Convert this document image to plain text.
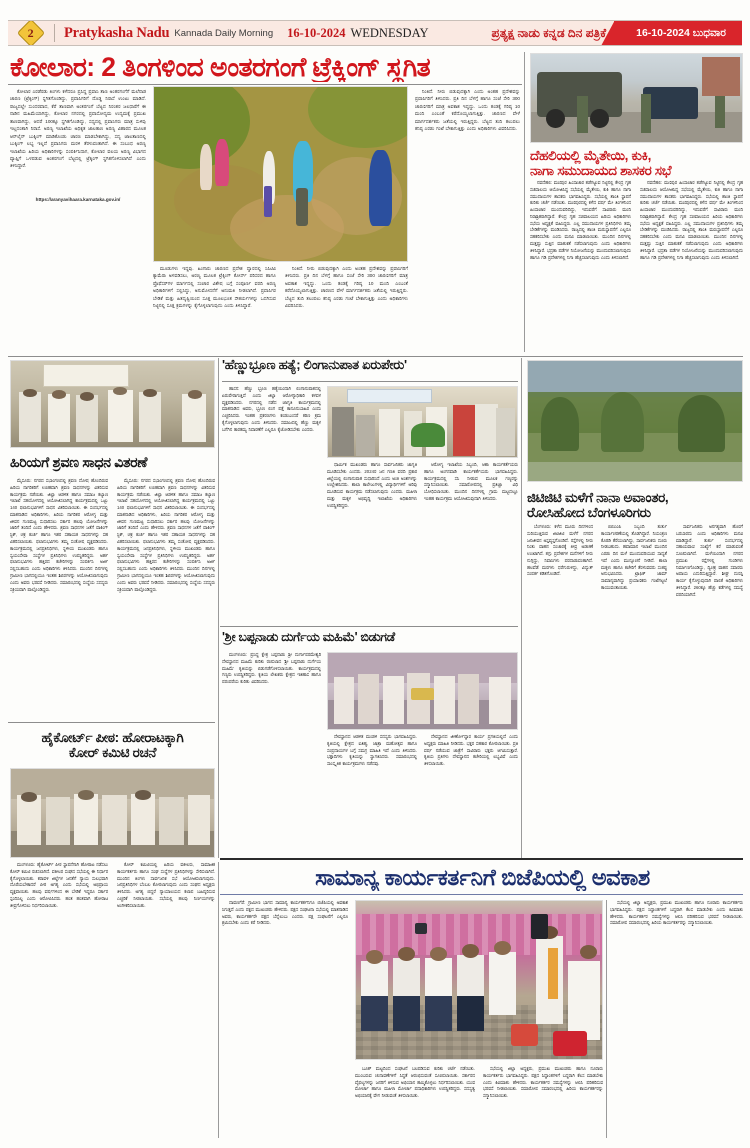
2 Pratykasha Nadu Kannada Daily Morning 16-10-2024 WEDNESDAY	ಪ್ರತ್ಯಕ್ಷ ನಾಡು ಕನ್ನಡ ದಿನ ಪತ್ರಿಕೆ	16-10-2024 ಬುಧವಾರ
ಕೋಲಾರ: 2 ತಿಂಗಳಿಂದ ಅಂತರಗಂಗೆ ಟ್ರೆಕ್ಕಿಂಗ್ ಸ್ಥಗಿತ

ಕೋಲಾರ ಎರಡೆರಡು ತಿಂಗಳು ಕಳೆದರೂ ಪ್ರಸಿದ್ಧ ಪ್ರವಾಸಿ ತಾಣ ಅಂತರಗಂಗೆಗೆ ಮಲೆನಾಡ ಚಾರಣ (ಟ್ರೆಕ್ಕಿಂಗ್) ಸ್ಥಗಿತಗೊಂಡಿದ್ದು, ಪ್ರವಾಸಿಗರಿಗೆ ದೊಡ್ಡ ನಿರಾಸೆ ಉಂಟು ಮಾಡಿದೆ. ರಾಜ್ಯದಲ್ಲೇ ಸುಂದರವಾದ, ಕೆರೆ ತಾಣವಾಗಿ ಅಂತರಗಂಗೆ ಬೆಟ್ಟದ ನಿರಂತರ ಜಲಧಾರೆಗೆ ಈ ನಾಡಿನ ಮಹಿಮೆಯಾಗಿದ್ದು, ಕೋಲಾರ ನಗರದಲ್ಲಿ ಪ್ರವಾಸೋದ್ಯಮ ಉದ್ಯಮಕ್ಕೆ ಪ್ರಮುಖ ತಾಣವಾಗಿದ್ದು, ಆದರೆ 100ಕ್ಕೂ ಸ್ಥಗಿತಗೊಂಡಿದ್ದು, ಸಧ್ಯದಲ್ಲಿ ಪ್ರವಾಸಿಗರು ಮಾತ್ರ ಸುಳಿವು ಇಲ್ಲದಂತಾಗಿ ನಿರಾಸೆ. ಅರಣ್ಯ ಇಲಾಖೆಯ ಅಧಿಕೃತ ಜಾಲತಾಣ ಅರಣ್ಯ ವಿಹಾರದ ಮೂಲಕ ಆನ್‌ಲೈನ್ ಬುಕ್ಕಿಂಗ್ ಮಾಡಿಕೊಂಡು ಚಾರಣ ಮಾಡಬೇಕಾಗಿದ್ದು, ಸದ್ಯ ಜಾಲತಾಣದಲ್ಲಿ ಬುಕ್ಕಿಂಗ್ ಲಭ್ಯ ಇಲ್ಲದೆ ಪ್ರವಾಸಿಗರು ಮರಳಿ ತೆರಳುವಂತಾಗಿದೆ. ಈ ಸಂಬಂಧ ಅರಣ್ಯ ಇಲಾಖೆಯ ಹಿರಿಯ ಅಧಿಕಾರಿಗಳನ್ನು ಸಂಪರ್ಕಿಸಿದಾಗ, ಕೋಲಾರ ವಲಯ ಅರಣ್ಯ ವಿಭಾಗದ ವ್ಯಾಪ್ತಿಗೆ ಒಳಪಡುವ ಅಂತರಗಂಗೆ ಬೆಟ್ಟದಲ್ಲಿ ಟ್ರೆಕ್ಕಿಂಗ್ ಸ್ಥಗಿತಗೊಳಿಸಲಾಗಿದೆ ಎಂದು ತಿಳಿಸಿದ್ದಾರೆ.

https://aranyavihaara.karnataka.gov.in/

ಮೂಡುಗಳು ಇದ್ದವು. ಹಿಂಗಾರು ಚಾರಣದ ಪ್ರದೇಶ ದ್ವಾರದಲ್ಲಿ ಸಿಸಿಟಿವಿ ಕ್ಯಾಮೆರಾ ಅಳವಡಿಸಲು, ಅರಣ್ಯ ಮೂಲಕ ಟ್ರೆಕ್ಕಿಂಗ್ ಕೋರ್ಸ್ ಪರಿಸರದ ಹಾಗೂ ಪ್ರೊಫೆಸರ್‌ಗಳ ಮಾರ್ಗದಲ್ಲಿ ಸಂಚಾರ ವಿಶೇಷ ಬಗ್ಗೆ ಸಂಪೂರ್ಣ ವರದಿ ಅರಣ್ಯ ಅಧಿಕಾರಿಗಳಿಗೆ ಸಲ್ಲಿಸಿದ್ದು, ಅನುಮೋದನೆಗೆ ಅನುಮತಿ ನೀಡಲಾಗಿದೆ. ಪ್ರವಾಸಿಗರ ಬೇಡಿಕೆ ಮತ್ತು ಹಿತದೃಷ್ಟಿಯಿಂದ ಸೂಕ್ತ ಮೂಲಭೂತ ಸೌಕರ್ಯಗಳನ್ನು ಒದಗಿಸುವ ನಿಟ್ಟಿನಲ್ಲಿ ಸೂಕ್ತ ಕ್ರಮಗಳನ್ನು ಕೈಗೊಳ್ಳಲಾಗುವುದು ಎಂದು ತಿಳಿಸಿದ್ದಾರೆ.

ನಿಂತಿದೆ. ನೀರು ಬಿಡುವುದಕ್ಕಾಗಿ ಎಂದು ಅಂತಹ ಪ್ರದೇಶವನ್ನು ಪ್ರವಾಸಿಗರಿಗೆ ತಿಳಿಸಿದರು. ಪ್ರತಿ ದಿನ ಬೆಳಗ್ಗೆ ಹಾಗೂ ಸಂಜೆ ಸೇರಿ 300 ಚಾರಣಿಗರಿಗೆ ಮಾತ್ರ ಅವಕಾಶ ಇದ್ದದ್ದು. ಒಂದು ತಂಡಕ್ಕೆ ಗರಿಷ್ಠ 10 ಮಂದಿ ಎಂಬಂತೆ ಕರೆದೊಯ್ಯಲಾಗುತ್ತಿತ್ತು. ಚಾರಣದ ವೇಳೆ ಮಾರ್ಗದರ್ಶಕರು ಜತೆಯಲ್ಲಿ ಇರುತ್ತಿದ್ದರು. ಬೆಟ್ಟದ ತುದಿ ತಲುಪಲು ಕನಿಷ್ಠ ಎರಡು ಗಂಟೆ ಬೇಕಾಗುತ್ತಿತ್ತು ಎಂದು ಅಧಿಕಾರಿಗಳು ವಿವರಿಸಿದರು.

ನಿಂತಿದೆ. ನೀರು ಬಿಡುವುದಕ್ಕಾಗಿ ಎಂದು ಅಂತಹ ಪ್ರದೇಶವನ್ನು ಪ್ರವಾಸಿಗರಿಗೆ ತಿಳಿಸಿದರು. ಪ್ರತಿ ದಿನ ಬೆಳಗ್ಗೆ ಹಾಗೂ ಸಂಜೆ ಸೇರಿ 300 ಚಾರಣಿಗರಿಗೆ ಮಾತ್ರ ಅವಕಾಶ ಇದ್ದದ್ದು. ಒಂದು ತಂಡಕ್ಕೆ ಗರಿಷ್ಠ 10 ಮಂದಿ ಎಂಬಂತೆ ಕರೆದೊಯ್ಯಲಾಗುತ್ತಿತ್ತು. ಚಾರಣದ ವೇಳೆ ಮಾರ್ಗದರ್ಶಕರು ಜತೆಯಲ್ಲಿ ಇರುತ್ತಿದ್ದರು. ಬೆಟ್ಟದ ತುದಿ ತಲುಪಲು ಕನಿಷ್ಠ ಎರಡು ಗಂಟೆ ಬೇಕಾಗುತ್ತಿತ್ತು ಎಂದು ಅಧಿಕಾರಿಗಳು ವಿವರಿಸಿದರು.

ದೆಹಲಿಯಲ್ಲಿ ಮೈತೇಯಿ, ಕುಕಿ,
ನಾಗಾ ಸಮುದಾಯದ ಶಾಸಕರ ಸಭೆ

ನವದೆಹಲಿ: ಮಣಿಪುರ ಹಿಂಸಾಚಾರ ತಡೆಗಟ್ಟುವ ನಿಟ್ಟಿನಲ್ಲಿ ಕೇಂದ್ರ ಗೃಹ ಸಚಿವಾಲಯ ಆಯೋಜಿಸಿದ್ದ ಸಭೆಯಲ್ಲಿ ಮೈತೇಯಿ, ಕುಕಿ ಹಾಗೂ ನಾಗಾ ಸಮುದಾಯಗಳ ಶಾಸಕರು ಭಾಗವಹಿಸಿದ್ದರು. ಸಭೆಯಲ್ಲಿ ಶಾಂತಿ ಸ್ಥಾಪನೆ ಕುರಿತು ಚರ್ಚೆ ನಡೆಯಿತು. ಮಣಿಪುರದಲ್ಲಿ ಕಳೆದ ವರ್ಷ ಮೇ ತಿಂಗಳಿನಿಂದ ಹಿಂಸಾಚಾರ ಮುಂದುವರಿದಿದ್ದು, ಇದುವರೆಗೆ ಸಾವಿರಾರು ಮಂದಿ ನಿರಾಶ್ರಿತರಾಗಿದ್ದಾರೆ. ಕೇಂದ್ರ ಗೃಹ ಸಚಿವಾಲಯದ ಹಿರಿಯ ಅಧಿಕಾರಿಗಳು ಸಭೆಯ ಅಧ್ಯಕ್ಷತೆ ವಹಿಸಿದ್ದರು. ಎಲ್ಲ ಸಮುದಾಯಗಳ ಪ್ರತಿನಿಧಿಗಳು ತಮ್ಮ ಬೇಡಿಕೆಗಳನ್ನು ಮಂಡಿಸಿದರು. ರಾಜ್ಯದಲ್ಲಿ ಶಾಂತಿ ಮರುಸ್ಥಾಪನೆಗೆ ಎಲ್ಲರೂ ಸಹಕರಿಸಬೇಕು ಎಂದು ಮನವಿ ಮಾಡಲಾಯಿತು. ಮುಂದಿನ ದಿನಗಳಲ್ಲಿ ಮತ್ತಷ್ಟು ಸುತ್ತಿನ ಮಾತುಕತೆ ನಡೆಸಲಾಗುವುದು ಎಂದು ಅಧಿಕಾರಿಗಳು ತಿಳಿಸಿದ್ದಾರೆ. ಭದ್ರತಾ ಪಡೆಗಳ ನಿಯೋಜನೆಯನ್ನು ಮುಂದುವರಿಸಲಾಗುವುದು ಹಾಗೂ ಗಡಿ ಪ್ರದೇಶಗಳಲ್ಲಿ ನಿಗಾ ಹೆಚ್ಚಿಸಲಾಗುವುದು ಎಂದು ತಿಳಿಸಲಾಗಿದೆ.

ನವದೆಹಲಿ: ಮಣಿಪುರ ಹಿಂಸಾಚಾರ ತಡೆಗಟ್ಟುವ ನಿಟ್ಟಿನಲ್ಲಿ ಕೇಂದ್ರ ಗೃಹ ಸಚಿವಾಲಯ ಆಯೋಜಿಸಿದ್ದ ಸಭೆಯಲ್ಲಿ ಮೈತೇಯಿ, ಕುಕಿ ಹಾಗೂ ನಾಗಾ ಸಮುದಾಯಗಳ ಶಾಸಕರು ಭಾಗವಹಿಸಿದ್ದರು. ಸಭೆಯಲ್ಲಿ ಶಾಂತಿ ಸ್ಥಾಪನೆ ಕುರಿತು ಚರ್ಚೆ ನಡೆಯಿತು. ಮಣಿಪುರದಲ್ಲಿ ಕಳೆದ ವರ್ಷ ಮೇ ತಿಂಗಳಿನಿಂದ ಹಿಂಸಾಚಾರ ಮುಂದುವರಿದಿದ್ದು, ಇದುವರೆಗೆ ಸಾವಿರಾರು ಮಂದಿ ನಿರಾಶ್ರಿತರಾಗಿದ್ದಾರೆ. ಕೇಂದ್ರ ಗೃಹ ಸಚಿವಾಲಯದ ಹಿರಿಯ ಅಧಿಕಾರಿಗಳು ಸಭೆಯ ಅಧ್ಯಕ್ಷತೆ ವಹಿಸಿದ್ದರು. ಎಲ್ಲ ಸಮುದಾಯಗಳ ಪ್ರತಿನಿಧಿಗಳು ತಮ್ಮ ಬೇಡಿಕೆಗಳನ್ನು ಮಂಡಿಸಿದರು. ರಾಜ್ಯದಲ್ಲಿ ಶಾಂತಿ ಮರುಸ್ಥಾಪನೆಗೆ ಎಲ್ಲರೂ ಸಹಕರಿಸಬೇಕು ಎಂದು ಮನವಿ ಮಾಡಲಾಯಿತು. ಮುಂದಿನ ದಿನಗಳಲ್ಲಿ ಮತ್ತಷ್ಟು ಸುತ್ತಿನ ಮಾತುಕತೆ ನಡೆಸಲಾಗುವುದು ಎಂದು ಅಧಿಕಾರಿಗಳು ತಿಳಿಸಿದ್ದಾರೆ. ಭದ್ರತಾ ಪಡೆಗಳ ನಿಯೋಜನೆಯನ್ನು ಮುಂದುವರಿಸಲಾಗುವುದು ಹಾಗೂ ಗಡಿ ಪ್ರದೇಶಗಳಲ್ಲಿ ನಿಗಾ ಹೆಚ್ಚಿಸಲಾಗುವುದು ಎಂದು ತಿಳಿಸಲಾಗಿದೆ.

ಹಿರಿಯಗೆ ಶ್ರವಣ ಸಾಧನ ವಿತರಣೆ

ಮೈಸೂರು: ನಗರದ ಸಭಾಂಗಣದಲ್ಲಿ ಶ್ರವಣ ದೋಷ ಹೊಂದಿರುವ ಹಿರಿಯ ನಾಗರಿಕರಿಗೆ ಉಚಿತವಾಗಿ ಶ್ರವಣ ಸಾಧನಗಳನ್ನು ವಿತರಿಸುವ ಕಾರ್ಯಕ್ರಮ ನಡೆಯಿತು. ಜಿಲ್ಲಾ ಆಡಳಿತ ಹಾಗೂ ಸಮಾಜ ಕಲ್ಯಾಣ ಇಲಾಖೆ ಸಹಯೋಗದಲ್ಲಿ ಆಯೋಜಿಸಲಾಗಿದ್ದ ಕಾರ್ಯಕ್ರಮದಲ್ಲಿ ಒಟ್ಟು 140 ಫಲಾನುಭವಿಗಳಿಗೆ ಸಾಧನ ವಿತರಿಸಲಾಯಿತು. ಈ ಸಂದರ್ಭದಲ್ಲಿ ಮಾತನಾಡಿದ ಅಧಿಕಾರಿಗಳು, ಹಿರಿಯ ನಾಗರಿಕರ ಆರೋಗ್ಯ ಮತ್ತು ಜೀವನ ಗುಣಮಟ್ಟ ಸುಧಾರಿಸಲು ಸರ್ಕಾರ ಹಲವು ಯೋಜನೆಗಳನ್ನು ಜಾರಿಗೆ ತಂದಿದೆ ಎಂದು ಹೇಳಿದರು. ಶ್ರವಣ ಸಾಧನಗಳ ಜತೆಗೆ ವಾಕಿಂಗ್ ಸ್ಟಿಕ್, ಚಕ್ರ ಕುರ್ಚಿ ಹಾಗೂ ಇತರ ಸಹಾಯಕ ಸಾಧನಗಳನ್ನು ಸಹ ವಿತರಿಸಲಾಯಿತು. ಫಲಾನುಭವಿಗಳು ತಮ್ಮ ಸಂತೋಷ ವ್ಯಕ್ತಪಡಿಸಿದರು. ಕಾರ್ಯಕ್ರಮದಲ್ಲಿ ಜನಪ್ರತಿನಿಧಿಗಳು, ಸ್ಥಳೀಯ ಮುಖಂಡರು ಹಾಗೂ ಸ್ವಯಂಸೇವಾ ಸಂಸ್ಥೆಗಳ ಪ್ರತಿನಿಧಿಗಳು ಉಪಸ್ಥಿತರಿದ್ದರು. ಅರ್ಹ ಫಲಾನುಭವಿಗಳು ಹತ್ತಿರದ ಕಚೇರಿಗಳನ್ನು ಸಂಪರ್ಕಿಸಿ ಅರ್ಜಿ ಸಲ್ಲಿಸಬಹುದು ಎಂದು ಅಧಿಕಾರಿಗಳು ತಿಳಿಸಿದರು. ಮುಂದಿನ ದಿನಗಳಲ್ಲಿ ಗ್ರಾಮೀಣ ಭಾಗದಲ್ಲಿಯೂ ಇಂತಹ ಶಿಬಿರಗಳನ್ನು ಆಯೋಜಿಸಲಾಗುವುದು ಎಂದು ಅವರು ಭರವಸೆ ನೀಡಿದರು. ಸಮಾರಂಭದಲ್ಲಿ ಸಂಸ್ಥೆಯ ಸದಸ್ಯರು ಸಕ್ರಿಯವಾಗಿ ಪಾಲ್ಗೊಂಡಿದ್ದರು.

ಮೈಸೂರು: ನಗರದ ಸಭಾಂಗಣದಲ್ಲಿ ಶ್ರವಣ ದೋಷ ಹೊಂದಿರುವ ಹಿರಿಯ ನಾಗರಿಕರಿಗೆ ಉಚಿತವಾಗಿ ಶ್ರವಣ ಸಾಧನಗಳನ್ನು ವಿತರಿಸುವ ಕಾರ್ಯಕ್ರಮ ನಡೆಯಿತು. ಜಿಲ್ಲಾ ಆಡಳಿತ ಹಾಗೂ ಸಮಾಜ ಕಲ್ಯಾಣ ಇಲಾಖೆ ಸಹಯೋಗದಲ್ಲಿ ಆಯೋಜಿಸಲಾಗಿದ್ದ ಕಾರ್ಯಕ್ರಮದಲ್ಲಿ ಒಟ್ಟು 140 ಫಲಾನುಭವಿಗಳಿಗೆ ಸಾಧನ ವಿತರಿಸಲಾಯಿತು. ಈ ಸಂದರ್ಭದಲ್ಲಿ ಮಾತನಾಡಿದ ಅಧಿಕಾರಿಗಳು, ಹಿರಿಯ ನಾಗರಿಕರ ಆರೋಗ್ಯ ಮತ್ತು ಜೀವನ ಗುಣಮಟ್ಟ ಸುಧಾರಿಸಲು ಸರ್ಕಾರ ಹಲವು ಯೋಜನೆಗಳನ್ನು ಜಾರಿಗೆ ತಂದಿದೆ ಎಂದು ಹೇಳಿದರು. ಶ್ರವಣ ಸಾಧನಗಳ ಜತೆಗೆ ವಾಕಿಂಗ್ ಸ್ಟಿಕ್, ಚಕ್ರ ಕುರ್ಚಿ ಹಾಗೂ ಇತರ ಸಹಾಯಕ ಸಾಧನಗಳನ್ನು ಸಹ ವಿತರಿಸಲಾಯಿತು. ಫಲಾನುಭವಿಗಳು ತಮ್ಮ ಸಂತೋಷ ವ್ಯಕ್ತಪಡಿಸಿದರು. ಕಾರ್ಯಕ್ರಮದಲ್ಲಿ ಜನಪ್ರತಿನಿಧಿಗಳು, ಸ್ಥಳೀಯ ಮುಖಂಡರು ಹಾಗೂ ಸ್ವಯಂಸೇವಾ ಸಂಸ್ಥೆಗಳ ಪ್ರತಿನಿಧಿಗಳು ಉಪಸ್ಥಿತರಿದ್ದರು. ಅರ್ಹ ಫಲಾನುಭವಿಗಳು ಹತ್ತಿರದ ಕಚೇರಿಗಳನ್ನು ಸಂಪರ್ಕಿಸಿ ಅರ್ಜಿ ಸಲ್ಲಿಸಬಹುದು ಎಂದು ಅಧಿಕಾರಿಗಳು ತಿಳಿಸಿದರು. ಮುಂದಿನ ದಿನಗಳಲ್ಲಿ ಗ್ರಾಮೀಣ ಭಾಗದಲ್ಲಿಯೂ ಇಂತಹ ಶಿಬಿರಗಳನ್ನು ಆಯೋಜಿಸಲಾಗುವುದು ಎಂದು ಅವರು ಭರವಸೆ ನೀಡಿದರು. ಸಮಾರಂಭದಲ್ಲಿ ಸಂಸ್ಥೆಯ ಸದಸ್ಯರು ಸಕ್ರಿಯವಾಗಿ ಪಾಲ್ಗೊಂಡಿದ್ದರು.

'ಹೆಣ್ಣುಭ್ರೂಣ ಹತ್ಯೆ; ಲಿಂಗಾನುಪಾತ ಏರುಪೇರು'

ಹಾಸನ: ಹೆಣ್ಣು ಭ್ರೂಣ ಹತ್ಯೆಯಿಂದಾಗಿ ಲಿಂಗಾನುಪಾತದಲ್ಲಿ ಏರುಪೇರಾಗುತ್ತಿದೆ ಎಂದು ಜಿಲ್ಲಾ ಆರೋಗ್ಯಾಧಿಕಾರಿ ಕಳವಳ ವ್ಯಕ್ತಪಡಿಸಿದರು. ನಗರದಲ್ಲಿ ನಡೆದ ಜಾಗೃತಿ ಕಾರ್ಯಕ್ರಮದಲ್ಲಿ ಮಾತನಾಡಿದ ಅವರು, ಭ್ರೂಣ ಲಿಂಗ ಪತ್ತೆ ಕಾನೂನುಬಾಹಿರ ಎಂದು ಎಚ್ಚರಿಸಿದರು. ಇಂತಹ ಪ್ರಕರಣಗಳು ಕಂಡುಬಂದರೆ ಕಠಿಣ ಕ್ರಮ ಕೈಗೊಳ್ಳಲಾಗುವುದು ಎಂದು ತಿಳಿಸಿದರು. ಸಮಾಜದಲ್ಲಿ ಹೆಣ್ಣು ಮಕ್ಕಳ ಬಗೆಗಿನ ತಾರತಮ್ಯ ನಿವಾರಣೆಗೆ ಎಲ್ಲರೂ ಕೈಜೋಡಿಸಬೇಕು ಎಂದರು.

ಧಾರ್ಮಿಕ ಮುಖಂಡರು ಹಾಗೂ ಸಾರ್ವಜನಿಕರು ಜಾಗೃತಿ ಮೂಡಿಸಬೇಕು ಎಂದರು. 2024ರ ಜನ ಗಣತಿ ವರದಿ ಪ್ರಕಾರ ಜಿಲ್ಲೆಯಲ್ಲಿ ಲಿಂಗಾನುಪಾತ ಸುಧಾರಿಸಿದೆ ಎಂದು ಅಂಕಿ ಅಂಶಗಳನ್ನು ಉಲ್ಲೇಖಿಸಿದರು. ಶಾಲಾ ಕಾಲೇಜುಗಳಲ್ಲಿ ವಿದ್ಯಾರ್ಥಿಗಳಿಗೆ ಅರಿವು ಮೂಡಿಸುವ ಕಾರ್ಯಕ್ರಮ ನಡೆಸಲಾಗುವುದು ಎಂದರು. ಮಹಿಳಾ ಮತ್ತು ಮಕ್ಕಳ ಅಭಿವೃದ್ಧಿ ಇಲಾಖೆಯ ಅಧಿಕಾರಿಗಳು ಉಪಸ್ಥಿತರಿದ್ದರು.

ಆರೋಗ್ಯ ಇಲಾಖೆಯ ಸಿಬ್ಬಂದಿ, ಆಶಾ ಕಾರ್ಯಕರ್ತೆಯರು ಹಾಗೂ ಅಂಗನವಾಡಿ ಕಾರ್ಯಕರ್ತೆಯರು ಭಾಗವಹಿಸಿದ್ದರು. ಕಾರ್ಯಕ್ರಮದಲ್ಲಿ ಸಸಿ ನೀಡುವ ಮೂಲಕ ಗಣ್ಯರನ್ನು ಸನ್ಮಾನಿಸಲಾಯಿತು. ಸಮಾರೋಪದಲ್ಲಿ ಪ್ರತಿಜ್ಞಾ ವಿಧಿ ಬೋಧಿಸಲಾಯಿತು. ಮುಂದಿನ ದಿನಗಳಲ್ಲಿ ಗ್ರಾಮ ಮಟ್ಟದಲ್ಲೂ ಇಂತಹ ಕಾರ್ಯಕ್ರಮ ಆಯೋಜಿಸುವುದಾಗಿ ತಿಳಿಸಿದರು.	ಜಿಟಿಜಿಟಿ ಮಳೆಗೆ ನಾನಾ ಅವಾಂತರ,
ರೋಸಿಹೋದ ಬೆಂಗಳೂರಿಗರು

ಬೆಂಗಳೂರು: ಕಳೆದ ಮೂರು ದಿನಗಳಿಂದ ಸುರಿಯುತ್ತಿರುವ ಜಿಟಿಜಿಟಿ ಮಳೆಗೆ ನಗರದ ಜನಜೀವನ ಅಸ್ತವ್ಯಸ್ತಗೊಂಡಿದೆ. ರಸ್ತೆಗಳಲ್ಲಿ ನೀರು ನಿಂತು ವಾಹನ ಸಂಚಾರಕ್ಕೆ ತೀವ್ರ ಅಡಚಣೆ ಉಂಟಾಗಿದೆ. ತಗ್ಗು ಪ್ರದೇಶಗಳ ಮನೆಗಳಿಗೆ ನೀರು ನುಗ್ಗಿದ್ದು, ನಿವಾಸಿಗಳು ಪರದಾಡುವಂತಾಗಿದೆ. ಹಲವೆಡೆ ಮರಗಳು ಧರೆಗುರುಳಿದ್ದು, ವಿದ್ಯುತ್ ಸಂಪರ್ಕ ಕಡಿತಗೊಂಡಿದೆ.

ಬಿಬಿಎಂಪಿ ಸಿಬ್ಬಂದಿ ತುರ್ತು ಕಾರ್ಯಾಚರಣೆಯಲ್ಲಿ ತೊಡಗಿದ್ದಾರೆ. ನಿಯಂತ್ರಣ ಕೊಠಡಿ ತೆರೆಯಲಾಗಿದ್ದು, ಸಾರ್ವಜನಿಕರು ದೂರು ನೀಡಬಹುದು. ಹವಾಮಾನ ಇಲಾಖೆ ಮುಂದಿನ ಎರಡು ದಿನ ಮಳೆ ಮುಂದುವರಿಯುವ ಸಾಧ್ಯತೆ ಇದೆ ಎಂದು ಮುನ್ಸೂಚನೆ ನೀಡಿದೆ. ಶಾಲಾ ಮಕ್ಕಳು ಹಾಗೂ ಕಚೇರಿಗೆ ತೆರಳುವವರು ಸಂಕಷ್ಟ ಅನುಭವಿಸಿದರು. ಟ್ರಾಫಿಕ್ ಜಾಮ್ ಸಾಮಾನ್ಯವಾಗಿದ್ದು ಪ್ರಯಾಣಿಕರು ಗಂಟೆಗಟ್ಟಲೆ ಕಾಯುವಂತಾಯಿತು.

ಸಾರ್ವಜನಿಕರು ಅನಗತ್ಯವಾಗಿ ಹೊರಗೆ ಬರಬಾರದು ಎಂದು ಅಧಿಕಾರಿಗಳು ಮನವಿ ಮಾಡಿದ್ದಾರೆ. ತುರ್ತು ಸಂದರ್ಭದಲ್ಲಿ ಸಹಾಯವಾಣಿ ಸಂಖ್ಯೆಗೆ ಕರೆ ಮಾಡುವಂತೆ ಸೂಚಿಸಲಾಗಿದೆ. ಮಳೆಯಿಂದಾಗಿ ನಗರದ ಪ್ರಮುಖ ರಸ್ತೆಗಳಲ್ಲಿ ಗುಂಡಿಗಳು ನಿರ್ಮಾಣಗೊಂಡಿದ್ದು, ದ್ವಿಚಕ್ರ ವಾಹನ ಸವಾರರು ಅಪಾಯ ಎದುರಿಸುತ್ತಿದ್ದಾರೆ. ಶೀಘ್ರ ದುರಸ್ತಿ ಕಾರ್ಯ ಕೈಗೊಳ್ಳುವುದಾಗಿ ಪಾಲಿಕೆ ಅಧಿಕಾರಿಗಳು ತಿಳಿಸಿದ್ದಾರೆ. 260ಕ್ಕೂ ಹೆಚ್ಚು ಕಡೆಗಳಲ್ಲಿ ಸಮಸ್ಯೆ ವರದಿಯಾಗಿದೆ.

'ಶ್ರೀ ಬಪ್ಪನಾಡು ದುರ್ಗೆಯ ಮಹಿಮೆ' ಬಿಡುಗಡೆ

ಮಂಗಳೂರು: ಪ್ರಸಿದ್ಧ ಕ್ಷೇತ್ರ ಬಪ್ಪನಾಡು ಶ್ರೀ ದುರ್ಗಾಪರಮೇಶ್ವರಿ ದೇವಸ್ಥಾನದ ಮಹಿಮೆ ಕುರಿತು ರಚಿಸಲಾದ 'ಶ್ರೀ ಬಪ್ಪನಾಡು ದುರ್ಗೆಯ ಮಹಿಮೆ' ಕೃತಿಯನ್ನು ಬಿಡುಗಡೆಗೊಳಿಸಲಾಯಿತು. ಕಾರ್ಯಕ್ರಮದಲ್ಲಿ ಗಣ್ಯರು ಉಪಸ್ಥಿತರಿದ್ದರು. ಕೃತಿಯ ಲೇಖಕರು ಕ್ಷೇತ್ರದ ಇತಿಹಾಸ ಹಾಗೂ ಪರಂಪರೆಯ ಕುರಿತು ವಿವರಿಸಿದರು.

ದೇವಸ್ಥಾನದ ಆಡಳಿತ ಮಂಡಳಿ ಸದಸ್ಯರು ಭಾಗವಹಿಸಿದ್ದರು. ಕೃತಿಯಲ್ಲಿ ಕ್ಷೇತ್ರದ ಐತಿಹ್ಯ, ಜಾತ್ರಾ ಮಹೋತ್ಸವ ಹಾಗೂ ಸಂಪ್ರದಾಯಗಳ ಬಗ್ಗೆ ಸಮಗ್ರ ಮಾಹಿತಿ ಇದೆ ಎಂದು ತಿಳಿಸಿದರು. ಭಕ್ತಾದಿಗಳು ಕೃತಿಯನ್ನು ಸ್ವಾಗತಿಸಿದರು. ಸಮಾರಂಭದಲ್ಲಿ ಸಾಂಸ್ಕೃತಿಕ ಕಾರ್ಯಕ್ರಮಗಳು ನಡೆದವು.

ದೇವಸ್ಥಾನದ ಜೀರ್ಣೋದ್ಧಾರ ಕಾರ್ಯ ಪ್ರಗತಿಯಲ್ಲಿದೆ ಎಂದು ಅಧ್ಯಕ್ಷರು ಮಾಹಿತಿ ನೀಡಿದರು. ಭಕ್ತರ ಸಹಕಾರ ಕೋರಲಾಯಿತು. ಪ್ರತಿ ವರ್ಷ ನಡೆಯುವ ಜಾತ್ರೆಗೆ ಸಾವಿರಾರು ಭಕ್ತರು ಆಗಮಿಸುತ್ತಾರೆ. ಕೃತಿಯ ಪ್ರತಿಗಳು ದೇವಸ್ಥಾನದ ಕಚೇರಿಯಲ್ಲಿ ಲಭ್ಯವಿವೆ ಎಂದು ತಿಳಿಸಲಾಯಿತು.

ಹೈಕೋರ್ಟ್ ಪೀಠ: ಹೋರಾಟಕ್ಕಾಗಿ
ಕೋರ್ ಕಮಿಟಿ ರಚನೆ

ಮಂಗಳೂರು: ಹೈಕೋರ್ಟ್ ಪೀಠ ಸ್ಥಾಪನೆಗಾಗಿ ಹೋರಾಟ ನಡೆಸಲು ಕೋರ್ ಕಮಿಟಿ ರಚಿಸಲಾಗಿದೆ. ವಕೀಲರ ಸಂಘದ ಸಭೆಯಲ್ಲಿ ಈ ನಿರ್ಧಾರ ಕೈಗೊಳ್ಳಲಾಯಿತು. ಕರಾವಳಿ ಜಿಲ್ಲೆಗಳ ಜನತೆಗೆ ನ್ಯಾಯ ಸುಲಭವಾಗಿ ದೊರೆಯಬೇಕಾದರೆ ಪೀಠ ಅಗತ್ಯ ಎಂದು ಸಭೆಯಲ್ಲಿ ಅಭಿಪ್ರಾಯ ವ್ಯಕ್ತವಾಯಿತು. ಹಲವು ವರ್ಷಗಳಿಂದ ಈ ಬೇಡಿಕೆ ಇದ್ದರೂ ಸರ್ಕಾರ ಸ್ಪಂದಿಸಿಲ್ಲ ಎಂದು ಆರೋಪಿಸಿದರು. ಹಂತ ಹಂತವಾಗಿ ಹೋರಾಟ ತೀವ್ರಗೊಳಿಸಲು ನಿರ್ಧರಿಸಲಾಯಿತು.

ಕೋರ್ ಕಮಿಟಿಯಲ್ಲಿ ಹಿರಿಯ ವಕೀಲರು, ಸಾಮಾಜಿಕ ಕಾರ್ಯಕರ್ತರು ಹಾಗೂ ಸಂಘ ಸಂಸ್ಥೆಗಳ ಪ್ರತಿನಿಧಿಗಳನ್ನು ಸೇರಿಸಲಾಗಿದೆ. ಮುಂದಿನ ತಿಂಗಳು ಸಾರ್ವಜನಿಕ ಸಭೆ ಆಯೋಜಿಸಲಾಗುವುದು. ಜನಪ್ರತಿನಿಧಿಗಳ ಬೆಂಬಲ ಕೋರಲಾಗುವುದು ಎಂದು ಸಂಘದ ಅಧ್ಯಕ್ಷರು ತಿಳಿಸಿದರು. ಅಗತ್ಯ ಬಿದ್ದರೆ ನ್ಯಾಯಾಲಯದ ಕಲಾಪ ಬಹಿಷ್ಕರಿಸುವ ಎಚ್ಚರಿಕೆ ನೀಡಲಾಯಿತು. ಸಭೆಯಲ್ಲಿ ಹಲವು ನಿರ್ಣಯಗಳನ್ನು ಅಂಗೀಕರಿಸಲಾಯಿತು.

ಸಾಮಾನ್ಯ ಕಾರ್ಯಕರ್ತನಿಗೆ ಬಿಜೆಪಿಯಲ್ಲಿ ಅವಕಾಶ

ದಾವಣಗೆರೆ: ಗ್ರಾಮೀಣ ಭಾಗದ ಸಾಮಾನ್ಯ ಕಾರ್ಯಕರ್ತನಿಗೂ ಬಿಜೆಪಿಯಲ್ಲಿ ಅವಕಾಶ ಸಿಗುತ್ತದೆ ಎಂದು ಪಕ್ಷದ ಮುಖಂಡರು ಹೇಳಿದರು. ಪಕ್ಷದ ಸಂಘಟನಾ ಸಭೆಯಲ್ಲಿ ಮಾತನಾಡಿದ ಅವರು, ಕಾರ್ಯಕರ್ತರೇ ಪಕ್ಷದ ಬೆನ್ನೆಲುಬು ಎಂದರು. ಪಕ್ಷ ಸಂಘಟನೆಗೆ ಎಲ್ಲರೂ ಶ್ರಮಿಸಬೇಕು ಎಂದು ಕರೆ ನೀಡಿದರು.

ಬೂತ್ ಮಟ್ಟದಿಂದ ಸಂಘಟನೆ ಬಲಪಡಿಸುವ ಕುರಿತು ಚರ್ಚೆ ನಡೆಯಿತು. ಮುಂಬರುವ ಚುನಾವಣೆಗಳಿಗೆ ಸಿದ್ಧತೆ ಆರಂಭಿಸುವಂತೆ ಸೂಚಿಸಲಾಯಿತು. ಸರ್ಕಾರದ ವೈಫಲ್ಯಗಳನ್ನು ಜನರಿಗೆ ತಿಳಿಸುವ ಅಭಿಯಾನ ಹಮ್ಮಿಕೊಳ್ಳಲು ನಿರ್ಧರಿಸಲಾಯಿತು. ಯುವ ಮೋರ್ಚಾ ಹಾಗೂ ಮಹಿಳಾ ಮೋರ್ಚಾ ಪದಾಧಿಕಾರಿಗಳು ಉಪಸ್ಥಿತರಿದ್ದರು. ಸದಸ್ಯತ್ವ ಅಭಿಯಾನಕ್ಕೆ ವೇಗ ನೀಡುವಂತೆ ತಿಳಿಸಲಾಯಿತು.

ಸಭೆಯಲ್ಲಿ ಜಿಲ್ಲಾ ಅಧ್ಯಕ್ಷರು, ಪ್ರಮುಖ ಮುಖಂಡರು ಹಾಗೂ ನೂರಾರು ಕಾರ್ಯಕರ್ತರು ಭಾಗವಹಿಸಿದ್ದರು. ಪಕ್ಷದ ಸಿದ್ಧಾಂತಗಳಿಗೆ ಬದ್ಧರಾಗಿ ಕೆಲಸ ಮಾಡಬೇಕು ಎಂದು ಕಿವಿಮಾತು ಹೇಳಿದರು. ಕಾರ್ಯಕರ್ತರ ಸಮಸ್ಯೆಗಳನ್ನು ಆಲಿಸಿ ಪರಿಹರಿಸುವ ಭರವಸೆ ನೀಡಲಾಯಿತು. ಸಮಾರೋಪ ಸಮಾರಂಭದಲ್ಲಿ ಹಿರಿಯ ಕಾರ್ಯಕರ್ತರನ್ನು ಸನ್ಮಾನಿಸಲಾಯಿತು.

ಸಭೆಯಲ್ಲಿ ಜಿಲ್ಲಾ ಅಧ್ಯಕ್ಷರು, ಪ್ರಮುಖ ಮುಖಂಡರು ಹಾಗೂ ನೂರಾರು ಕಾರ್ಯಕರ್ತರು ಭಾಗವಹಿಸಿದ್ದರು. ಪಕ್ಷದ ಸಿದ್ಧಾಂತಗಳಿಗೆ ಬದ್ಧರಾಗಿ ಕೆಲಸ ಮಾಡಬೇಕು ಎಂದು ಕಿವಿಮಾತು ಹೇಳಿದರು. ಕಾರ್ಯಕರ್ತರ ಸಮಸ್ಯೆಗಳನ್ನು ಆಲಿಸಿ ಪರಿಹರಿಸುವ ಭರವಸೆ ನೀಡಲಾಯಿತು. ಸಮಾರೋಪ ಸಮಾರಂಭದಲ್ಲಿ ಹಿರಿಯ ಕಾರ್ಯಕರ್ತರನ್ನು ಸನ್ಮಾನಿಸಲಾಯಿತು.
